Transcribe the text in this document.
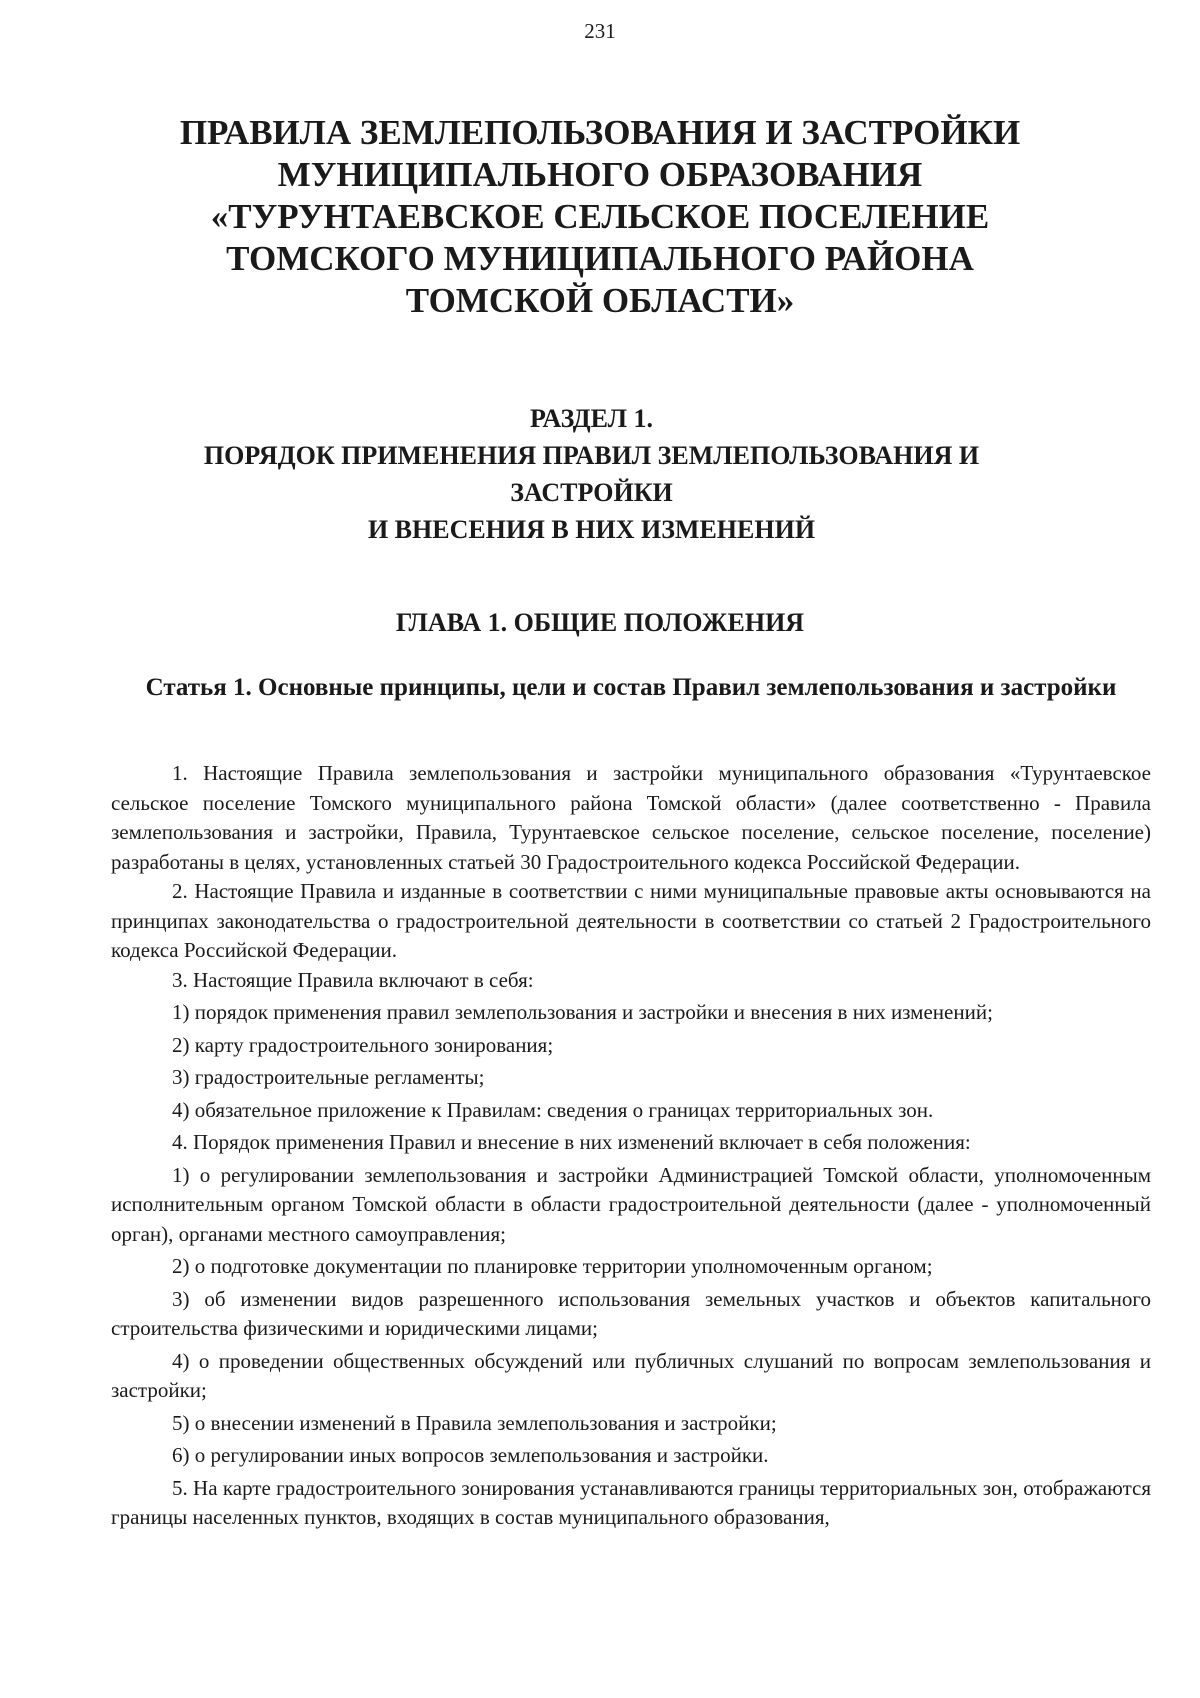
231
ПРАВИЛА ЗЕМЛЕПОЛЬЗОВАНИЯ И ЗАСТРОЙКИ
МУНИЦИПАЛЬНОГО ОБРАЗОВАНИЯ
«ТУРУНТАЕВСКОЕ СЕЛЬСКОЕ ПОСЕЛЕНИЕ
ТОМСКОГО МУНИЦИПАЛЬНОГО РАЙОНА
ТОМСКОЙ ОБЛАСТИ»
РАЗДЕЛ 1.
ПОРЯДОК ПРИМЕНЕНИЯ ПРАВИЛ ЗЕМЛЕПОЛЬЗОВАНИЯ И
ЗАСТРОЙКИ
И ВНЕСЕНИЯ В НИХ ИЗМЕНЕНИЙ
ГЛАВА 1. ОБЩИЕ ПОЛОЖЕНИЯ
Статья 1. Основные принципы, цели и состав Правил землепользования и застройки

1. Настоящие Правила землепользования и застройки муниципального образования «Турунтаевское сельское поселение Томского муниципального района Томской области» (далее соответственно - Правила землепользования и застройки, Правила, Турунтаевское сельское поселение, сельское поселение, поселение) разработаны в целях, установленных статьей 30 Градостроительного кодекса Российской Федерации.

2. Настоящие Правила и изданные в соответствии с ними муниципальные правовые акты основываются на принципах законодательства о градостроительной деятельности в соответствии со статьей 2 Градостроительного кодекса Российской Федерации.

3. Настоящие Правила включают в себя:

1) порядок применения правил землепользования и застройки и внесения в них изменений;

2) карту градостроительного зонирования;

3) градостроительные регламенты;

4) обязательное приложение к Правилам: сведения о границах территориальных зон.

4. Порядок применения Правил и внесение в них изменений включает в себя положения:

1) о регулировании землепользования и застройки Администрацией Томской области, уполномоченным исполнительным органом Томской области в области градостроительной деятельности (далее - уполномоченный орган), органами местного самоуправления;

2) о подготовке документации по планировке территории уполномоченным органом;

3) об изменении видов разрешенного использования земельных участков и объектов капитального строительства физическими и юридическими лицами;

4) о проведении общественных обсуждений или публичных слушаний по вопросам землепользования и застройки;

5) о внесении изменений в Правила землепользования и застройки;

6) о регулировании иных вопросов землепользования и застройки.

5. На карте градостроительного зонирования устанавливаются границы территориальных зон, отображаются границы населенных пунктов, входящих в состав муниципального образования,
